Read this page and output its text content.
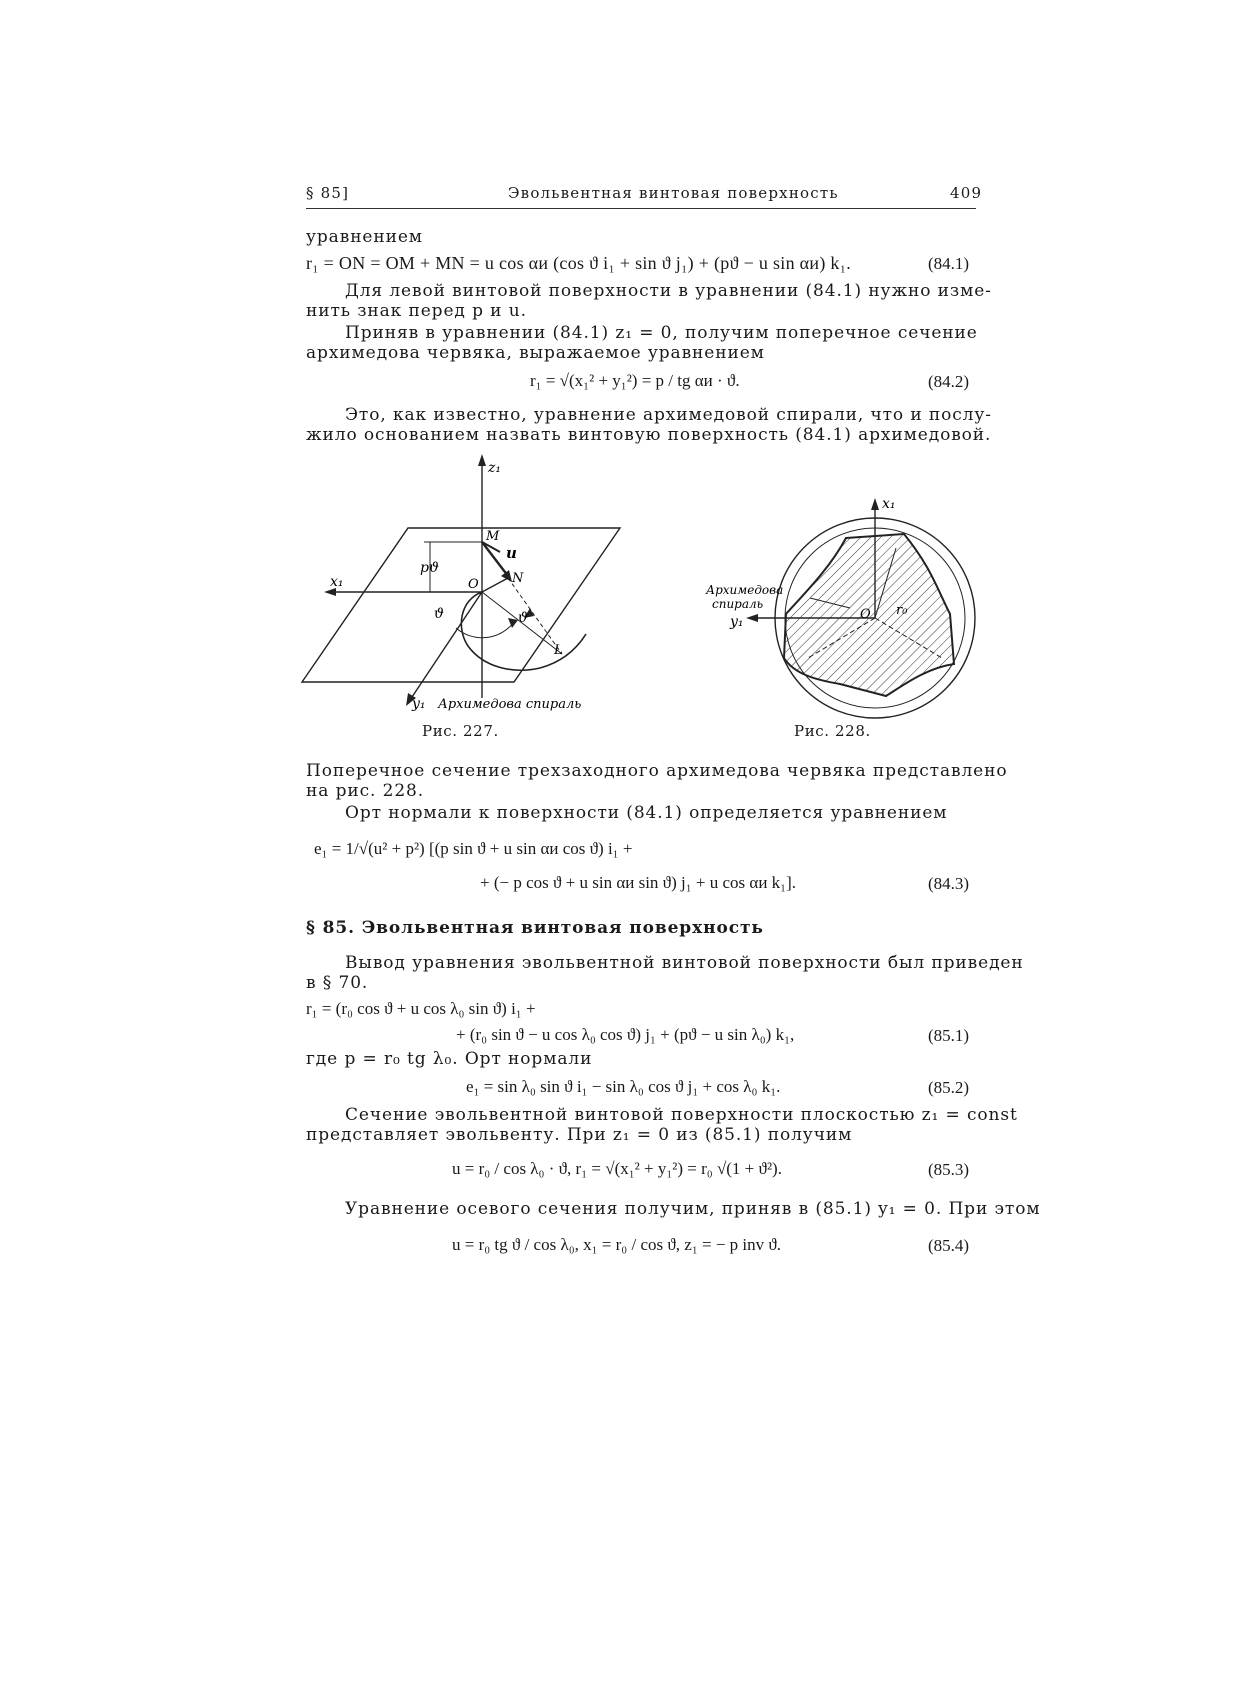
§ 85]	Эвольвентная винтовая поверхность	409
уравнением
r₁ = ON = OM + MN = u cos αи (cos ϑ i₁ + sin ϑ j₁) + (pϑ − u sin αи) k₁.	(84.1)
Для левой винтовой поверхности в уравнении (84.1) нужно изме-
нить знак перед p и u.
Приняв в уравнении (84.1) z₁ = 0, получим поперечное сечение
архимедова червяка, выражаемое уравнением
r₁ = √(x₁² + y₁²) = p / tg αи · ϑ.	(84.2)
Это, как известно, уравнение архимедовой спирали, что и послу-
жило основанием назвать винтовую поверхность (84.1) архимедовой.
z₁
x₁
y₁
M
u
N
O
pϑ
ϑ	ϑ
L
Архимедова спираль
Рис. 227.
x₁
y₁	O r₀
Архимедова
спираль
Рис. 228.
Поперечное сечение трехзаходного архимедова червяка представлено
на рис. 228.
Орт нормали к поверхности (84.1) определяется уравнением
e₁ = 1/√(u² + p²) [(p sin ϑ + u sin αи cos ϑ) i₁ +
+ (− p cos ϑ + u sin αи sin ϑ) j₁ + u cos αи k₁].	(84.3)
§ 85. Эвольвентная винтовая поверхность
Вывод уравнения эвольвентной винтовой поверхности был приведен
в § 70.
r₁ = (r₀ cos ϑ + u cos λ₀ sin ϑ) i₁ +
+ (r₀ sin ϑ − u cos λ₀ cos ϑ) j₁ + (pϑ − u sin λ₀) k₁,	(85.1)
где p = r₀ tg λ₀. Орт нормали
e₁ = sin λ₀ sin ϑ i₁ − sin λ₀ cos ϑ j₁ + cos λ₀ k₁.	(85.2)
Сечение эвольвентной винтовой поверхности плоскостью z₁ = const
представляет эвольвенту. При z₁ = 0 из (85.1) получим
u = r₀ / cos λ₀ · ϑ, r₁ = √(x₁² + y₁²) = r₀ √(1 + ϑ²).	(85.3)
Уравнение осевого сечения получим, приняв в (85.1) y₁ = 0. При этом
u = r₀ tg ϑ / cos λ₀, x₁ = r₀ / cos ϑ, z₁ = − p inv ϑ.	(85.4)
